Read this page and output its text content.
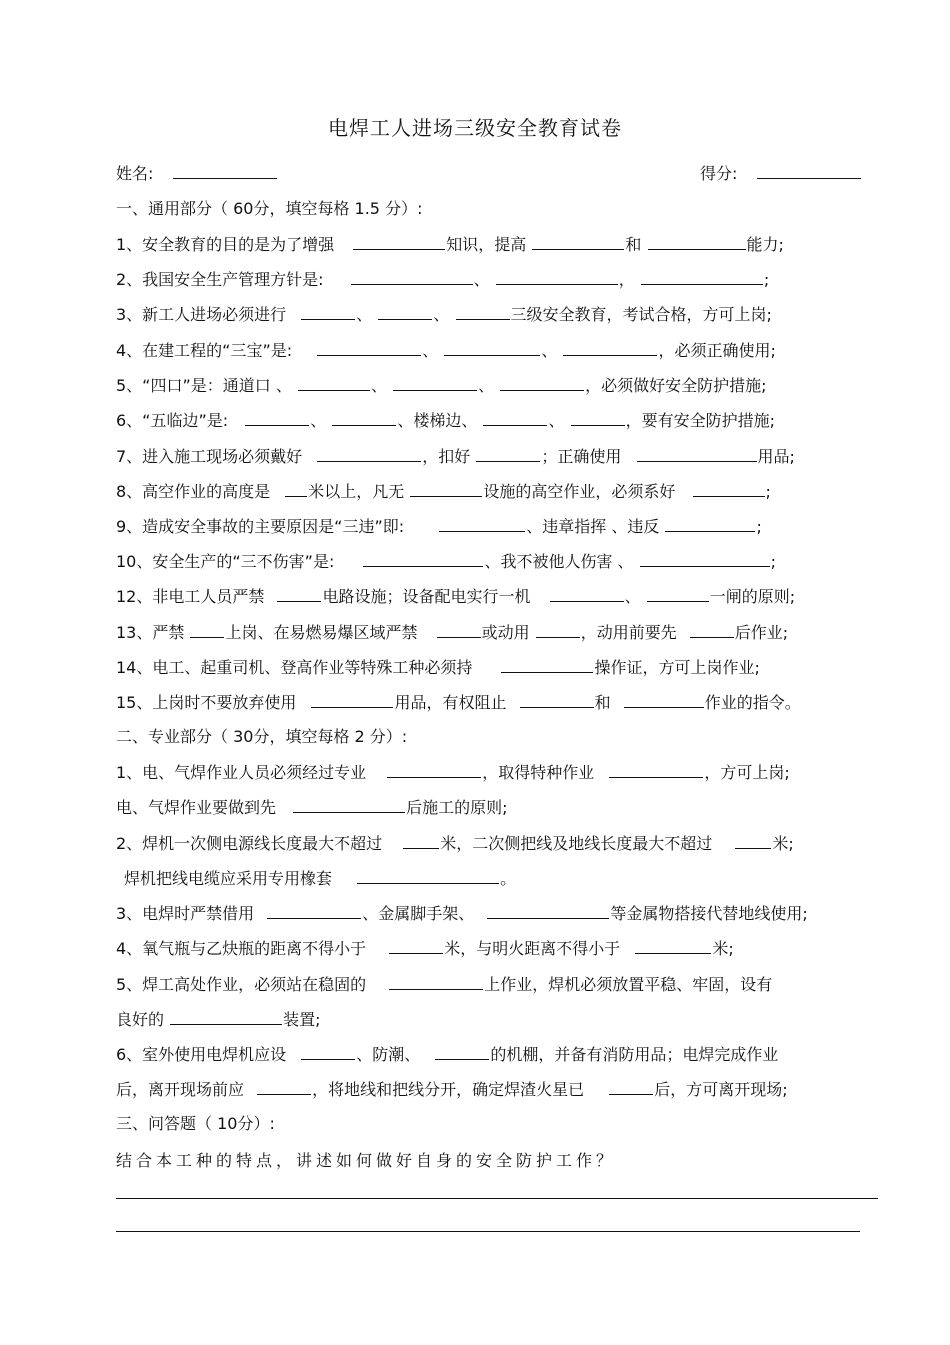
电焊工人进场三级安全教育试卷
姓名:	得分:
一、通用部分（ 60分，填空每格 1.5 分）:
1、安全教育的目的是为了增强	知识，提高	和	能力;
2、我国安全生产管理方针是:	、	，	;
3、新工人进场必须进行	、	、	三级安全教育，考试合格，方可上岗;
4、在建工程的“三宝”是:	、	、	，必须正确使用;
5、“四口”是：通道口 、	、	、	，必须做好安全防护措施;
6、“五临边”是:	、	、楼梯边、	、	，要有安全防护措施;
7、进入施工现场必须戴好	，扣好	；正确使用	用品;
8、高空作业的高度是 米以上，凡无	设施的高空作业，必须系好	;
9、造成安全事故的主要原因是“三违”即:	、违章指挥 、违反	;
10、安全生产的“三不伤害”是:	、我不被他人伤害 、	;
12、非电工人员严禁	电路设施；设备配电实行一机	、	一闸的原则;
13、严禁	上岗、在易燃易爆区域严禁	或动用	，动用前要先	后作业;
14、电工、起重司机、登高作业等特殊工种必须持	操作证，方可上岗作业;
15、上岗时不要放弃使用	用品，有权阻止	和	作业的指令。
二、专业部分（ 30分，填空每格 2 分）:
1、电、气焊作业人员必须经过专业	，取得特种作业	，方可上岗;
电、气焊作业要做到先	后施工的原则;
2、焊机一次侧电源线长度最大不超过	米，二次侧把线及地线长度最大不超过	米;
焊机把线电缆应采用专用橡套	。
3、电焊时严禁借用	、金属脚手架、	等金属物搭接代替地线使用;
4、氧气瓶与乙炔瓶的距离不得小于	米，与明火距离不得小于	米;
5、焊工高处作业，必须站在稳固的	上作业，焊机必须放置平稳、牢固，设有
良好的	装置;
6、室外使用电焊机应设	、防潮、	的机棚，并备有消防用品；电焊完成作业
后，离开现场前应	，将地线和把线分开，确定焊渣火星已	后，方可离开现场;
三、问答题（ 10分）:
结合本工种的特点，讲述如何做好自身的安全防护工作？
